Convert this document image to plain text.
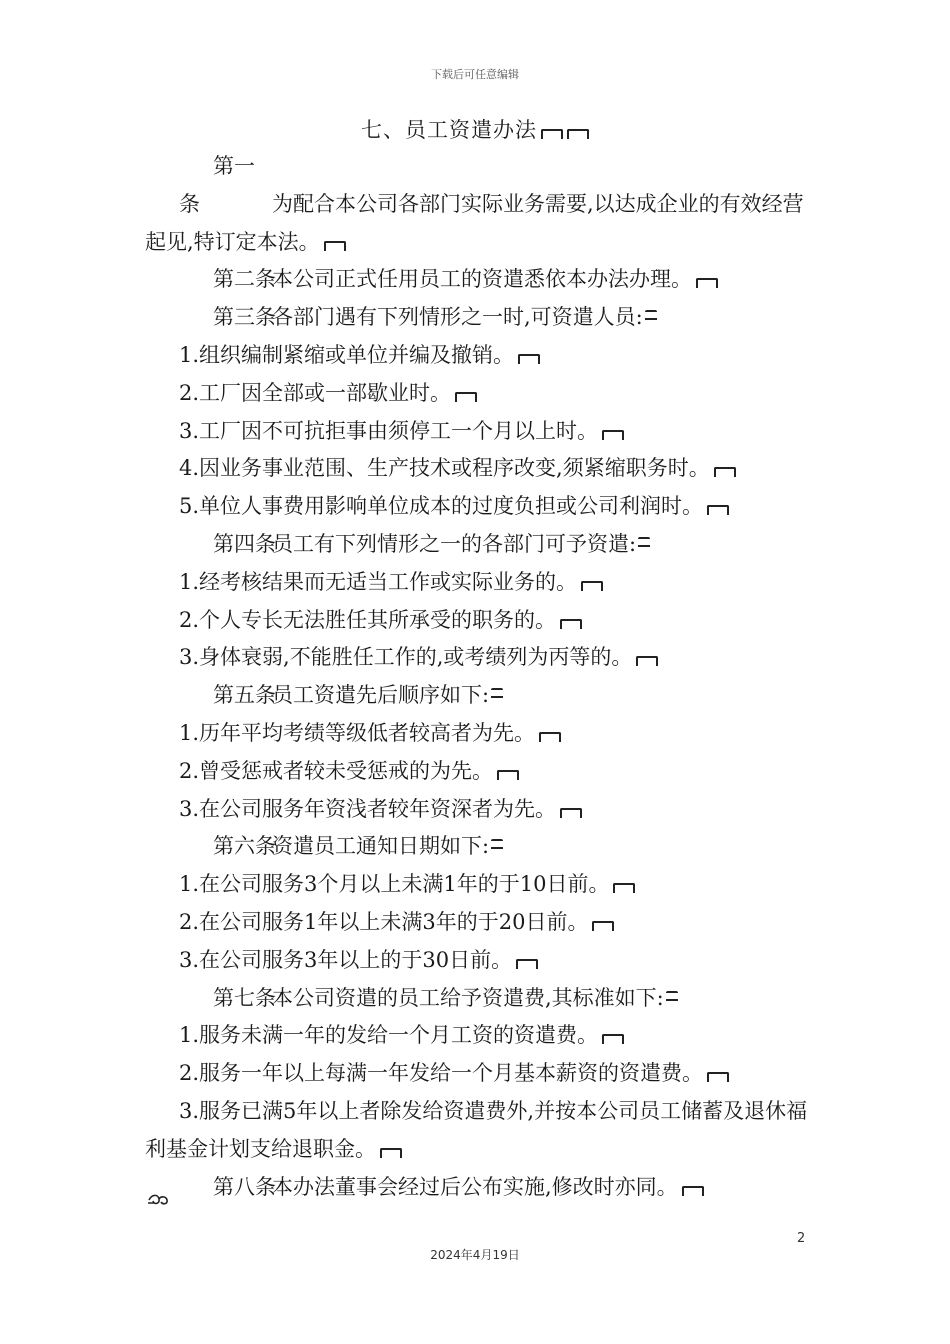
下载后可任意编辑
七、员工资遣办法

第一条	为配合本公司各部门实际业务需要,以达成企业的有效经营起见,特订定本法。

第二条本公司正式任用员工的资遣悉依本办法办理。

第三条各部门遇有下列情形之一时,可资遣人员:

1.组织编制紧缩或单位并编及撤销。

2.工厂因全部或一部歇业时。

3.工厂因不可抗拒事由须停工一个月以上时。

4.因业务事业范围、生产技术或程序改变,须紧缩职务时。

5.单位人事费用影响单位成本的过度负担或公司利润时。

第四条员工有下列情形之一的各部门可予资遣:

1.经考核结果而无适当工作或实际业务的。

2.个人专长无法胜任其所承受的职务的。

3.身体衰弱,不能胜任工作的,或考绩列为丙等的。

第五条员工资遣先后顺序如下:

1.历年平均考绩等级低者较高者为先。

2.曾受惩戒者较未受惩戒的为先。

3.在公司服务年资浅者较年资深者为先。

第六条资遣员工通知日期如下:

1.在公司服务3个月以上未满1年的于10日前。

2.在公司服务1年以上未满3年的于20日前。

3.在公司服务3年以上的于30日前。

第七条本公司资遣的员工给予资遣费,其标准如下:

1.服务未满一年的发给一个月工资的资遣费。

2.服务一年以上每满一年发给一个月基本薪资的资遣费。

3.服务已满5年以上者除发给资遣费外,并按本公司员工储蓄及退休福利基金计划支给退职金。

第八条本办法董事会经过后公布实施,修改时亦同。

2
2024年4月19日
